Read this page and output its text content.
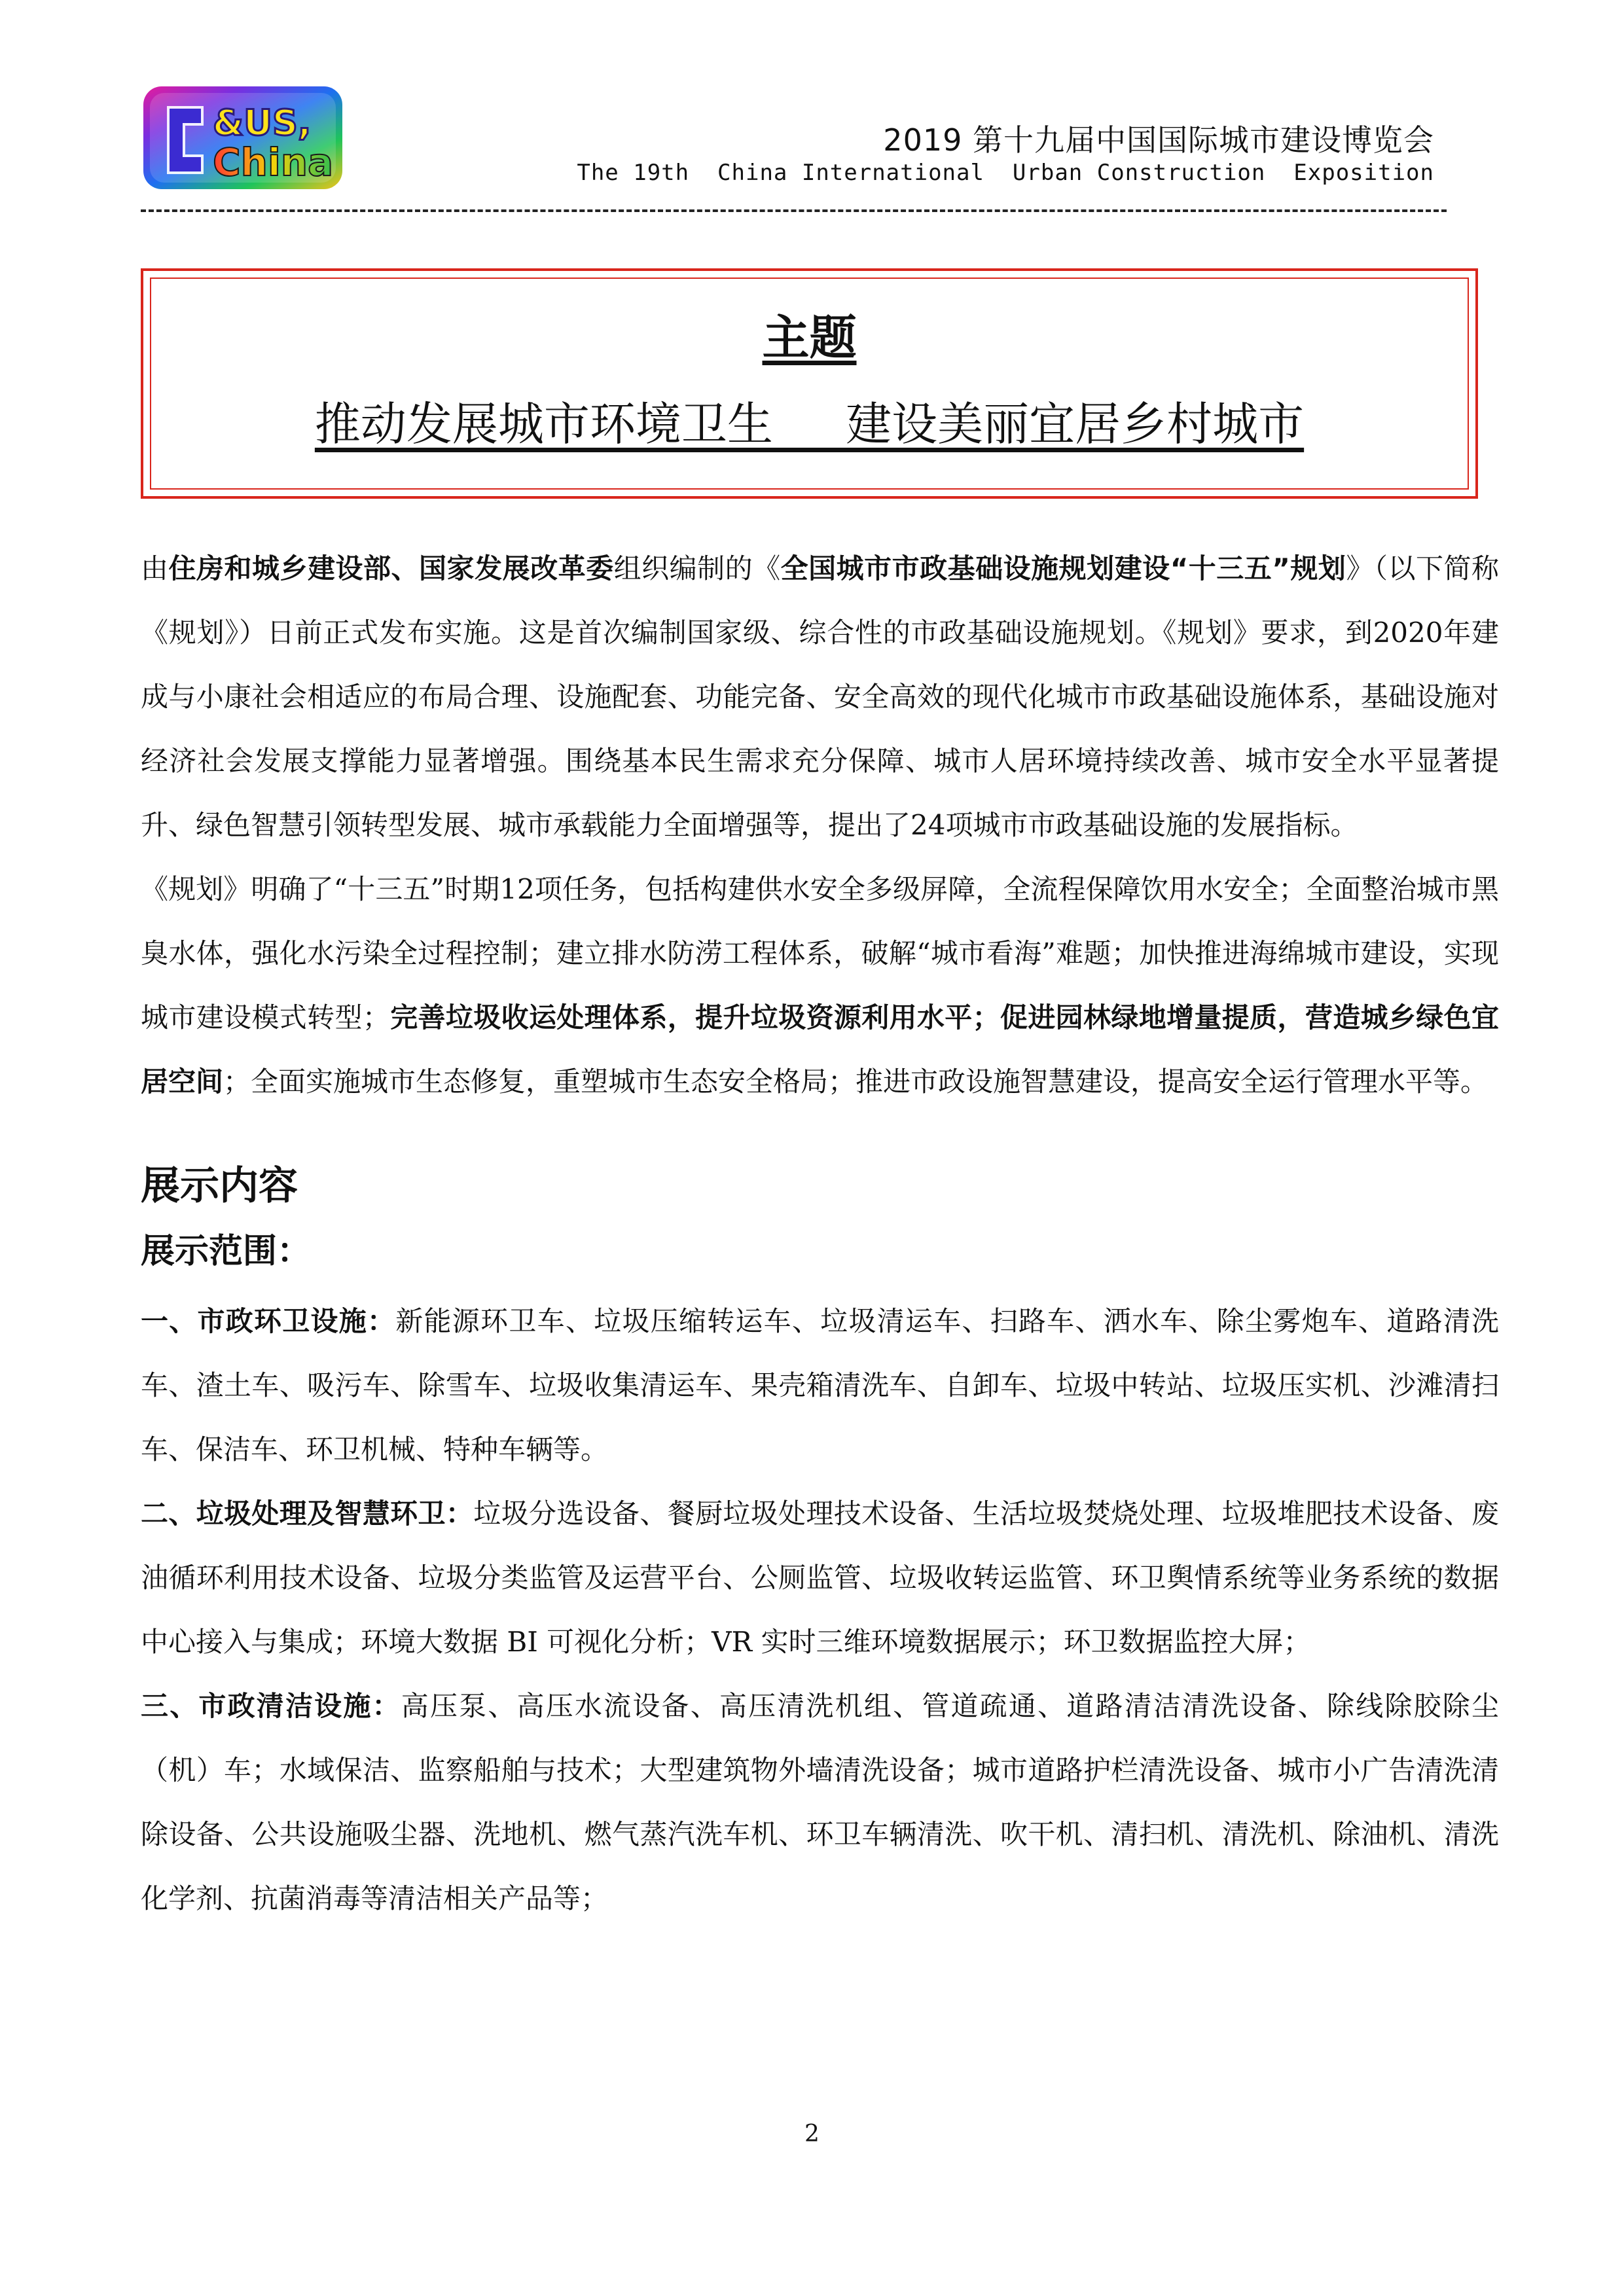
&US,
China	2019 第十九届中国国际城市建设博览会
The 19th  China International  Urban Construction  Exposition
主题
推动发展城市环境卫生     建设美丽宜居乡村城市

由住房和城乡建设部、国家发展改革委组织编制的《全国城市市政基础设施规划建设“十三五”规划》（以下简称《规划》）日前正式发布实施。这是首次编制国家级、综合性的市政基础设施规划。《规划》要求，到2020年建成与小康社会相适应的布局合理、设施配套、功能完备、安全高效的现代化城市市政基础设施体系，基础设施对经济社会发展支撑能力显著增强。围绕基本民生需求充分保障、城市人居环境持续改善、城市安全水平显著提升、绿色智慧引领转型发展、城市承载能力全面增强等，提出了24项城市市政基础设施的发展指标。

《规划》明确了“十三五”时期12项任务，包括构建供水安全多级屏障，全流程保障饮用水安全；全面整治城市黑臭水体，强化水污染全过程控制；建立排水防涝工程体系，破解“城市看海”难题；加快推进海绵城市建设，实现城市建设模式转型；完善垃圾收运处理体系，提升垃圾资源利用水平；促进园林绿地增量提质，营造城乡绿色宜居空间；全面实施城市生态修复，重塑城市生态安全格局；推进市政设施智慧建设，提高安全运行管理水平等。

展示内容
展示范围：

一、市政环卫设施：新能源环卫车、垃圾压缩转运车、垃圾清运车、扫路车、洒水车、除尘雾炮车、道路清洗车、渣土车、吸污车、除雪车、垃圾收集清运车、果壳箱清洗车、自卸车、垃圾中转站、垃圾压实机、沙滩清扫车、保洁车、环卫机械、特种车辆等。

二、垃圾处理及智慧环卫：垃圾分选设备、餐厨垃圾处理技术设备、生活垃圾焚烧处理、垃圾堆肥技术设备、废油循环利用技术设备、垃圾分类监管及运营平台、公厕监管、垃圾收转运监管、环卫舆情系统等业务系统的数据中心接入与集成；环境大数据 BI 可视化分析；VR 实时三维环境数据展示；环卫数据监控大屏；

三、市政清洁设施：高压泵、高压水流设备、高压清洗机组、管道疏通、道路清洁清洗设备、除线除胶除尘（机）车；水域保洁、监察船舶与技术；大型建筑物外墙清洗设备；城市道路护栏清洗设备、城市小广告清洗清除设备、公共设施吸尘器、洗地机、燃气蒸汽洗车机、环卫车辆清洗、吹干机、清扫机、清洗机、除油机、清洗化学剂、抗菌消毒等清洁相关产品等；

2
